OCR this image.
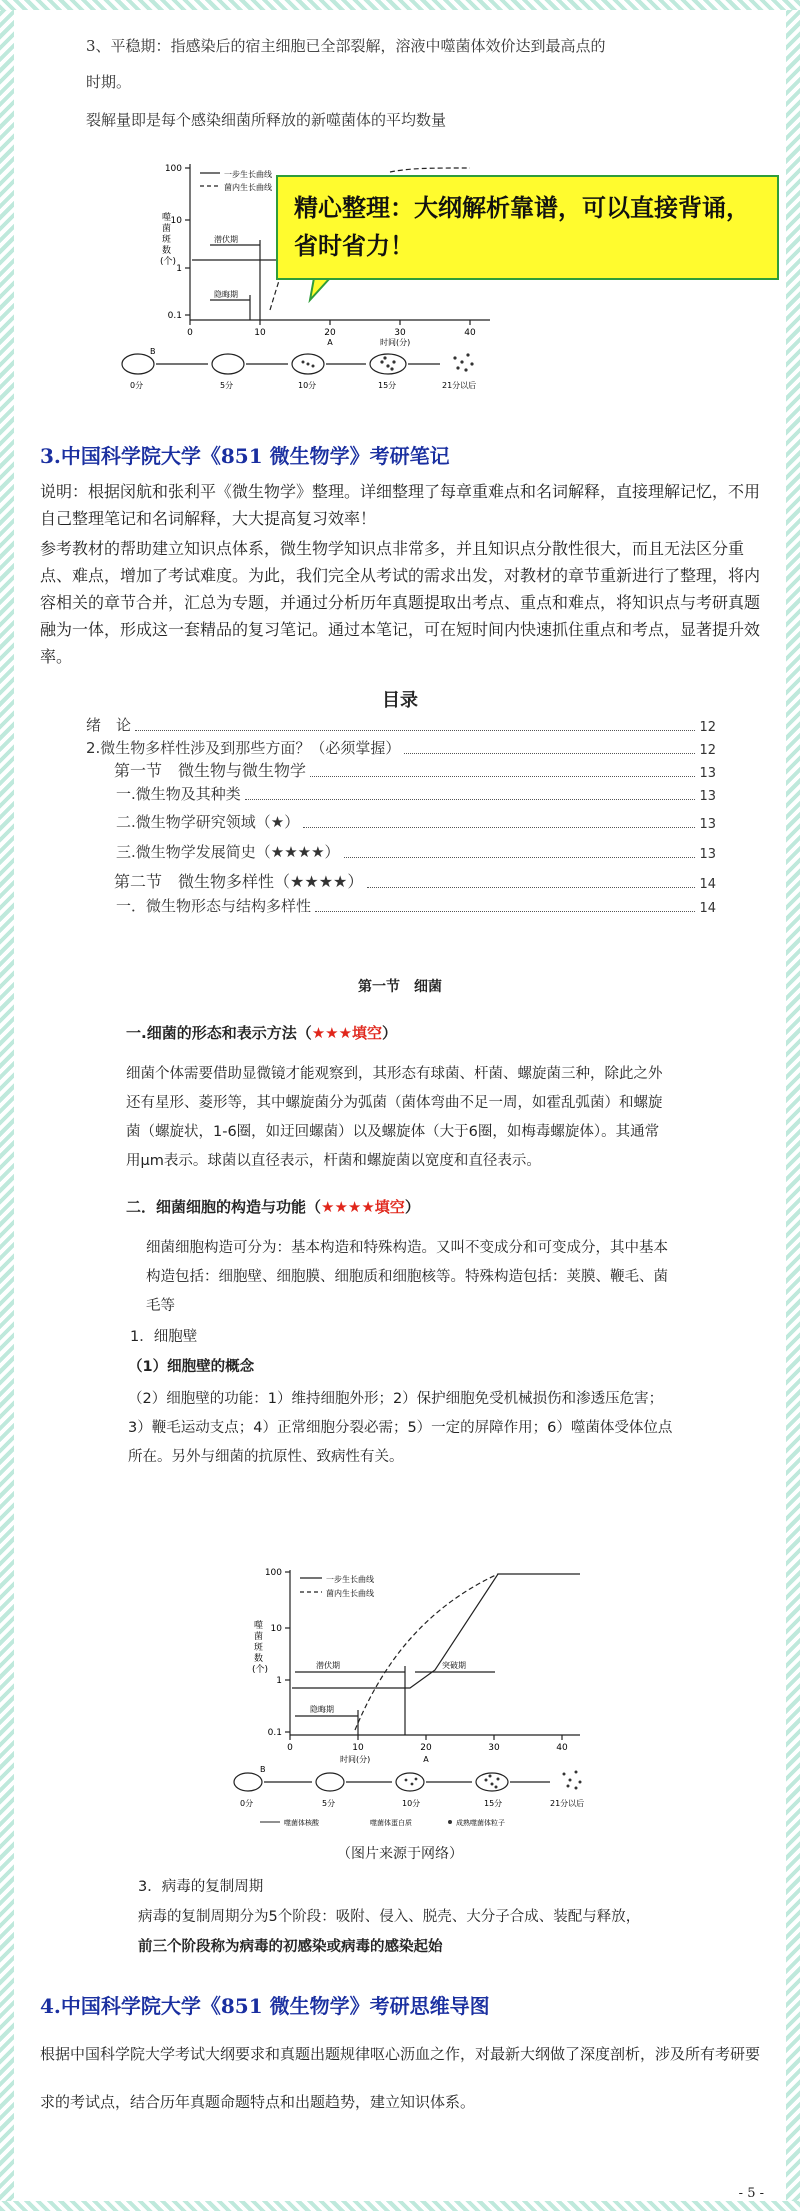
3、平稳期：指感染后的宿主细胞已全部裂解，溶液中噬菌体效价达到最高点的
时期。
裂解量即是每个感染细菌所释放的新噬菌体的平均数量
一步生长曲线
菌内生长曲线
噬菌斑数(个)
100
10
1
0.1
0	10	20	30	40
A	时间(分)
潜伏期
隐晦期
B
0分	5分	10分	15分	21分以后
精心整理：大纲解析靠谱，可以直接背诵，省时省力！
3.中国科学院大学《851 微生物学》考研笔记
说明：根据闵航和张利平《微生物学》整理。详细整理了每章重难点和名词解释，直接理解记忆，不用自己整理笔记和名词解释，大大提高复习效率！
参考教材的帮助建立知识点体系，微生物学知识点非常多，并且知识点分散性很大，而且无法区分重点、难点，增加了考试难度。为此，我们完全从考试的需求出发，对教材的章节重新进行了整理，将内容相关的章节合并，汇总为专题，并通过分析历年真题提取出考点、重点和难点，将知识点与考研真题融为一体，形成这一套精品的复习笔记。通过本笔记，可在短时间内快速抓住重点和考点，显著提升效率。
目录
绪　论	12
2.微生物多样性涉及到那些方面？（必须掌握）	12
第一节　微生物与微生物学	13
一.微生物及其种类	13
二.微生物学研究领域（★）	13
三.微生物学发展简史（★★★★）	13
第二节　微生物多样性（★★★★）	14
一．微生物形态与结构多样性	14
第一节　细菌
一.细菌的形态和表示方法（★★★填空）
细菌个体需要借助显微镜才能观察到，其形态有球菌、杆菌、螺旋菌三种，除此之外还有星形、菱形等，其中螺旋菌分为弧菌（菌体弯曲不足一周，如霍乱弧菌）和螺旋菌（螺旋状，1-6圈，如迂回螺菌）以及螺旋体（大于6圈，如梅毒螺旋体）。其通常用μm表示。球菌以直径表示，杆菌和螺旋菌以宽度和直径表示。
二．细菌细胞的构造与功能（★★★★填空）
细菌细胞构造可分为：基本构造和特殊构造。又叫不变成分和可变成分，其中基本构造包括：细胞壁、细胞膜、细胞质和细胞核等。特殊构造包括：荚膜、鞭毛、菌毛等
1．细胞壁
（1）细胞壁的概念
（2）细胞壁的功能：1）维持细胞外形；2）保护细胞免受机械损伤和渗透压危害；3）鞭毛运动支点；4）正常细胞分裂必需；5）一定的屏障作用；6）噬菌体受体位点所在。另外与细菌的抗原性、致病性有关。
一步生长曲线
菌内生长曲线
噬菌斑数(个)
100
10
1
0.1
0	10	20	30	40
A
时间(分)
潜伏期	突破期
隐晦期
B
0分	5分	10分	15分	21分以后
噬菌体核酸	噬菌体蛋白质	成熟噬菌体粒子
（图片来源于网络）
3．病毒的复制周期
病毒的复制周期分为5个阶段：吸附、侵入、脱壳、大分子合成、装配与释放，
前三个阶段称为病毒的初感染或病毒的感染起始
4.中国科学院大学《851 微生物学》考研思维导图
根据中国科学院大学考试大纲要求和真题出题规律呕心沥血之作，对最新大纲做了深度剖析，涉及所有考研要求的考试点，结合历年真题命题特点和出题趋势，建立知识体系。
- 5 -
